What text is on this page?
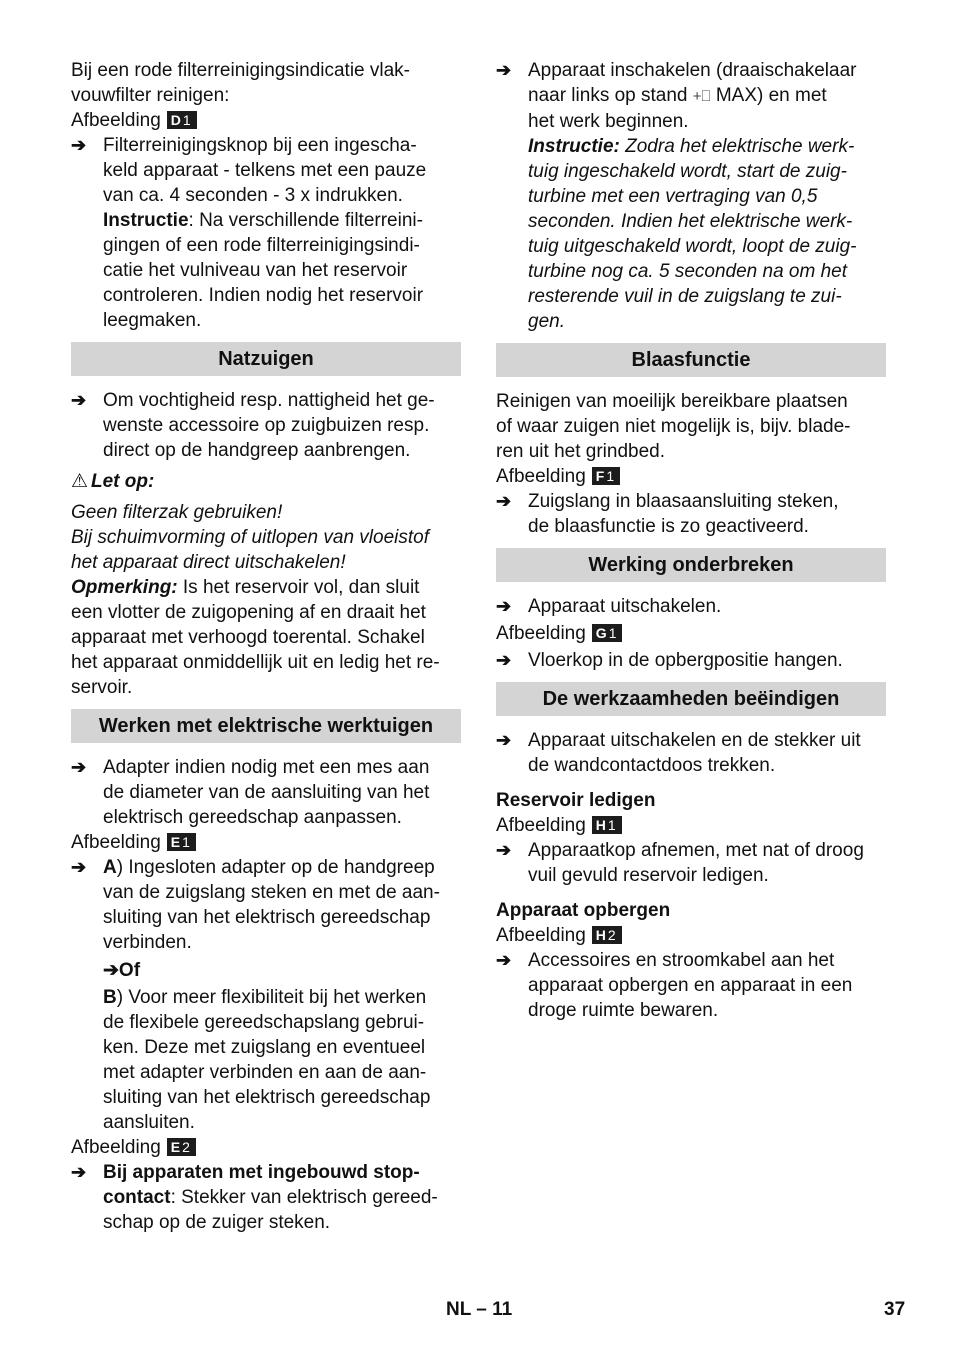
Bij een rode filterreinigingsindicatie vlak-

vouwfilter reinigen:

Afbeelding D1

➔ Filterreinigingsknop bij een ingescha-

keld apparaat - telkens met een pauze

van ca. 4 seconden - 3 x indrukken.

Instructie: Na verschillende filterreini-

gingen of een rode filterreinigingsindi-

catie het vulniveau van het reservoir

controleren. Indien nodig het reservoir

leegmaken.

Natzuigen
➔ Om vochtigheid resp. nattigheid het ge-

wenste accessoire op zuigbuizen resp.

direct op de handgreep aanbrengen.

⚠ Let op:

Geen filterzak gebruiken!

Bij schuimvorming of uitlopen van vloeistof

het apparaat direct uitschakelen!

Opmerking: Is het reservoir vol, dan sluit

een vlotter de zuigopening af en draait het

apparaat met verhoogd toerental. Schakel

het apparaat onmiddellijk uit en ledig het re-

servoir.

Werken met elektrische werktuigen
➔ Adapter indien nodig met een mes aan

de diameter van de aansluiting van het

elektrisch gereedschap aanpassen.

Afbeelding E1

➔ A) Ingesloten adapter op de handgreep

van de zuigslang steken en met de aan-

sluiting van het elektrisch gereedschap

verbinden.

➔Of

B) Voor meer flexibiliteit bij het werken

de flexibele gereedschapslang gebrui-

ken. Deze met zuigslang en eventueel

met adapter verbinden en aan de aan-

sluiting van het elektrisch gereedschap

aansluiten.

Afbeelding E2

➔ Bij apparaten met ingebouwd stop-

contact: Stekker van elektrisch gereed-

schap op de zuiger steken.

➔ Apparaat inschakelen (draaischakelaar

naar links op stand +⎕ MAX) en met

het werk beginnen.

Instructie: Zodra het elektrische werk-

tuig ingeschakeld wordt, start de zuig-

turbine met een vertraging van 0,5

seconden. Indien het elektrische werk-

tuig uitgeschakeld wordt, loopt de zuig-

turbine nog ca. 5 seconden na om het

resterende vuil in de zuigslang te zui-

gen.

Blaasfunctie

Reinigen van moeilijk bereikbare plaatsen

of waar zuigen niet mogelijk is, bijv. blade-

ren uit het grindbed.

Afbeelding F1

➔ Zuigslang in blaasaansluiting steken,

de blaasfunctie is zo geactiveerd.

Werking onderbreken
➔ Apparaat uitschakelen.

Afbeelding G1

➔ Vloerkop in de opbergpositie hangen.

De werkzaamheden beëindigen
➔ Apparaat uitschakelen en de stekker uit

de wandcontactdoos trekken.

Reservoir ledigen

Afbeelding H1

➔ Apparaatkop afnemen, met nat of droog

vuil gevuld reservoir ledigen.

Apparaat opbergen

Afbeelding H2

➔ Accessoires en stroomkabel aan het

apparaat opbergen en apparaat in een

droge ruimte bewaren.

NL – 11	37
